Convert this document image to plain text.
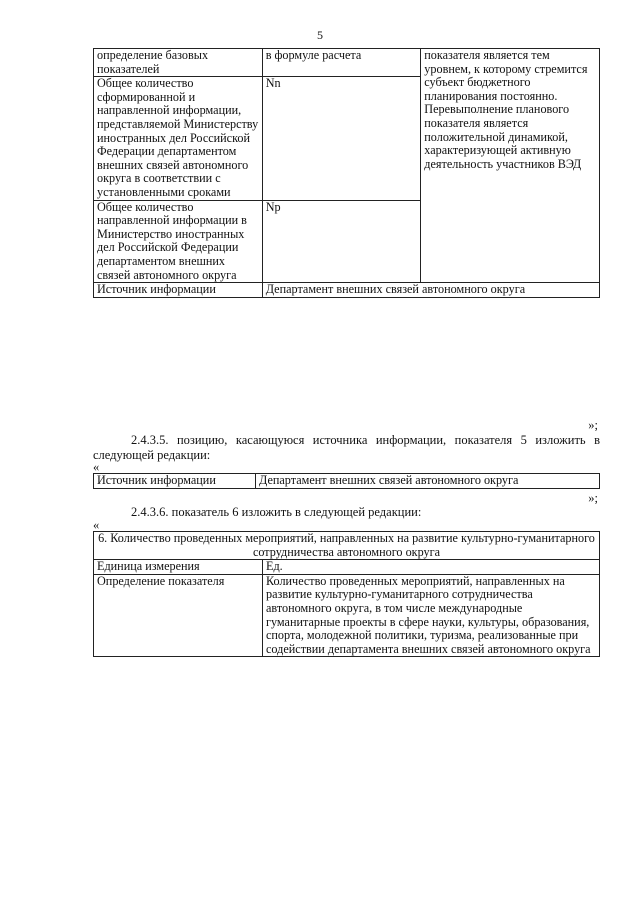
5
определение базовых показателей	в формуле расчета	показателя является тем уровнем, к которому стремится субъект бюджетного планирования постоянно. Перевыполнение планового показателя является положительной динамикой, характеризующей активную деятельность участников ВЭД
Общее количество сформированной и направленной информации, представляемой Министерству иностранных дел Российской Федерации департаментом внешних связей автономного округа в соответствии с установленными сроками	Nn	
Общее количество направленной информации в Министерство иностранных дел Российской Федерации департаментом внешних связей автономного округа	Np	
Источник информации	Департамент внешних связей автономного округа	
»;
2.4.3.5. позицию, касающуюся источника информации, показателя 5 изложить в следующей редакции:
«
Источник информации	Департамент внешних связей автономного округа
»;
2.4.3.6. показатель 6 изложить в следующей редакции:
«
6. Количество проведенных мероприятий, направленных на развитие культурно-гуманитарного сотрудничества автономного округа	
Единица измерения	Ед.
Определение показателя	Количество проведенных мероприятий, направленных на развитие культурно-гуманитарного сотрудничества автономного округа, в том числе международные гуманитарные проекты в сфере науки, культуры, образования, спорта, молодежной политики, туризма, реализованные при содействии департамента внешних связей автономного округа
